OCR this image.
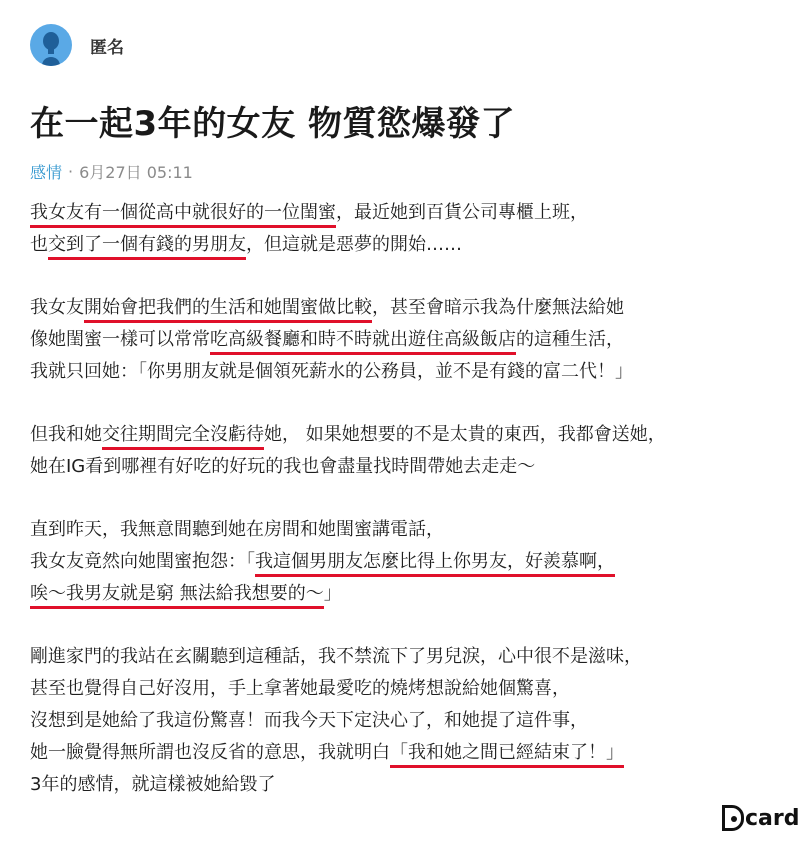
匿名
在一起3年的女友 物質慾爆發了
感情 · 6月27日 05:11
我女友有一個從高中就很好的一位閨蜜，最近她到百貨公司專櫃上班，
也交到了一個有錢的男朋友，但這就是惡夢的開始……
我女友開始會把我們的生活和她閨蜜做比較，甚至會暗示我為什麼無法給她
像她閨蜜一樣可以常常吃高級餐廳和時不時就出遊住高級飯店的這種生活，
我就只回她：「你男朋友就是個領死薪水的公務員，並不是有錢的富二代！」
但我和她交往期間完全沒虧待她， 如果她想要的不是太貴的東西，我都會送她，
她在IG看到哪裡有好吃的好玩的我也會盡量找時間帶她去走走～
直到昨天，我無意間聽到她在房間和她閨蜜講電話，
我女友竟然向她閨蜜抱怨：「我這個男朋友怎麼比得上你男友，好羨慕啊，
唉～我男友就是窮 無法給我想要的～」
剛進家門的我站在玄關聽到這種話，我不禁流下了男兒淚，心中很不是滋味，
甚至也覺得自己好沒用，手上拿著她最愛吃的燒烤想說給她個驚喜，
沒想到是她給了我這份驚喜！而我今天下定決心了，和她提了這件事，
她一臉覺得無所謂也沒反省的意思，我就明白「我和她之間已經結束了！」
3年的感情，就這樣被她給毀了
card
